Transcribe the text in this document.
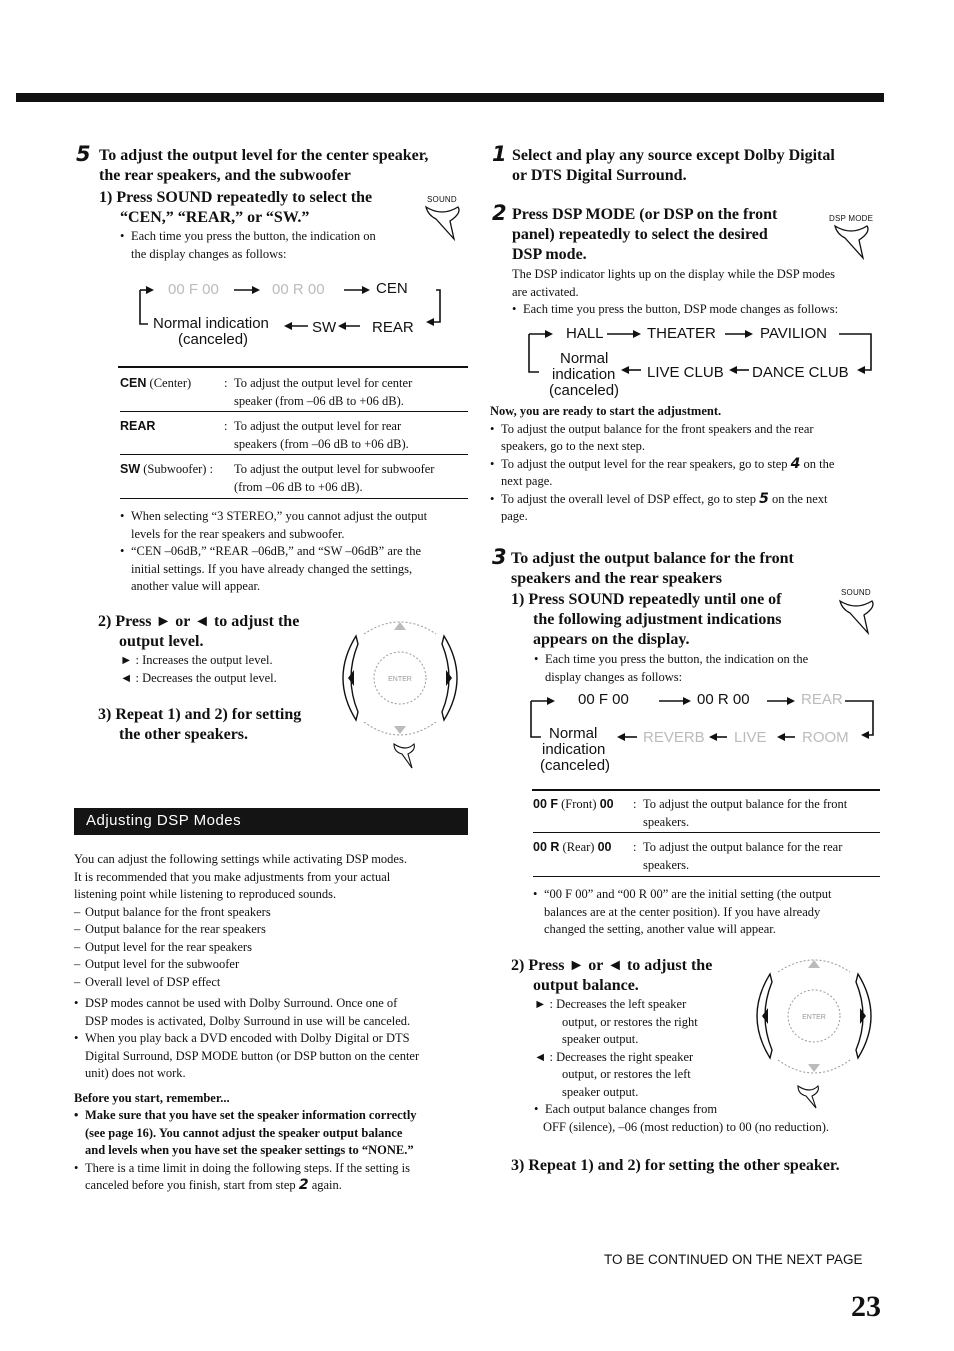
5 To adjust the output level for the center speaker,
the rear speakers, and the subwoofer
1) Press SOUND repeatedly to select the
“CEN,” “REAR,” or “SW.”
SOUND
• Each time you press the button, the indication on
the display changes as follows:
00 F 00	00 R 00	CEN
Normal indication
(canceled)
SW REAR
CEN (Center)	: To adjust the output level for center
speaker (from –06 dB to +06 dB).
REAR	: To adjust the output level for rear
speakers (from –06 dB to +06 dB).
SW (Subwoofer) : To adjust the output level for subwoofer
(from –06 dB to +06 dB).
• When selecting “3 STEREO,” you cannot adjust the output
levels for the rear speakers and subwoofer.
• “CEN –06dB,” “REAR –06dB,” and “SW –06dB” are the
initial settings. If you have already changed the settings,
another value will appear.
2) Press ► or ◄ to adjust the
output level.
► : Increases the output level.
◄ : Decreases the output level.
3) Repeat 1) and 2) for setting
the other speakers.
ENTER
Adjusting DSP Modes
You can adjust the following settings while activating DSP modes.
It is recommended that you make adjustments from your actual
listening point while listening to reproduced sounds.
– Output balance for the front speakers
– Output balance for the rear speakers
– Output level for the rear speakers
– Output level for the subwoofer
– Overall level of DSP effect
• DSP modes cannot be used with Dolby Surround. Once one of
DSP modes is activated, Dolby Surround in use will be canceled.
• When you play back a DVD encoded with Dolby Digital or DTS
Digital Surround, DSP MODE button (or DSP button on the center
unit) does not work.
Before you start, remember...
• Make sure that you have set the speaker information correctly
(see page 16). You cannot adjust the speaker output balance
and levels when you have set the speaker settings to “NONE.”
• There is a time limit in doing the following steps. If the setting is
canceled before you finish, start from step 2 again.
1 Select and play any source except Dolby Digital
or DTS Digital Surround.
2 Press DSP MODE (or DSP on the front
panel) repeatedly to select the desired
DSP mode.
DSP MODE
The DSP indicator lights up on the display while the DSP modes
are activated.
• Each time you press the button, DSP mode changes as follows:
HALL	THEATER	PAVILION
Normal
indication LIVE CLUB DANCE CLUB
(canceled)
Now, you are ready to start the adjustment.
• To adjust the output balance for the front speakers and the rear
speakers, go to the next step.
• To adjust the output level for the rear speakers, go to step 4 on the
next page.
• To adjust the overall level of DSP effect, go to step 5 on the next
page.
3 To adjust the output balance for the front
speakers and the rear speakers
1) Press SOUND repeatedly until one of
the following adjustment indications
appears on the display.
SOUND
• Each time you press the button, the indication on the
display changes as follows:
00 F 00	00 R 00	REAR
Normal
indication
(canceled)
REVERB LIVE ROOM
00 F (Front) 00 : To adjust the output balance for the front
speakers.
00 R (Rear) 00 : To adjust the output balance for the rear
speakers.
• “00 F 00” and “00 R 00” are the initial setting (the output
balances are at the center position). If you have already
changed the setting, another value will appear.
2) Press ► or ◄ to adjust the
output balance.
► : Decreases the left speaker
output, or restores the right
speaker output.
◄ : Decreases the right speaker
output, or restores the left
speaker output.
• Each output balance changes from
OFF (silence), –06 (most reduction) to 00 (no reduction).
ENTER
3) Repeat 1) and 2) for setting the other speaker.
TO BE CONTINUED ON THE NEXT PAGE
23
